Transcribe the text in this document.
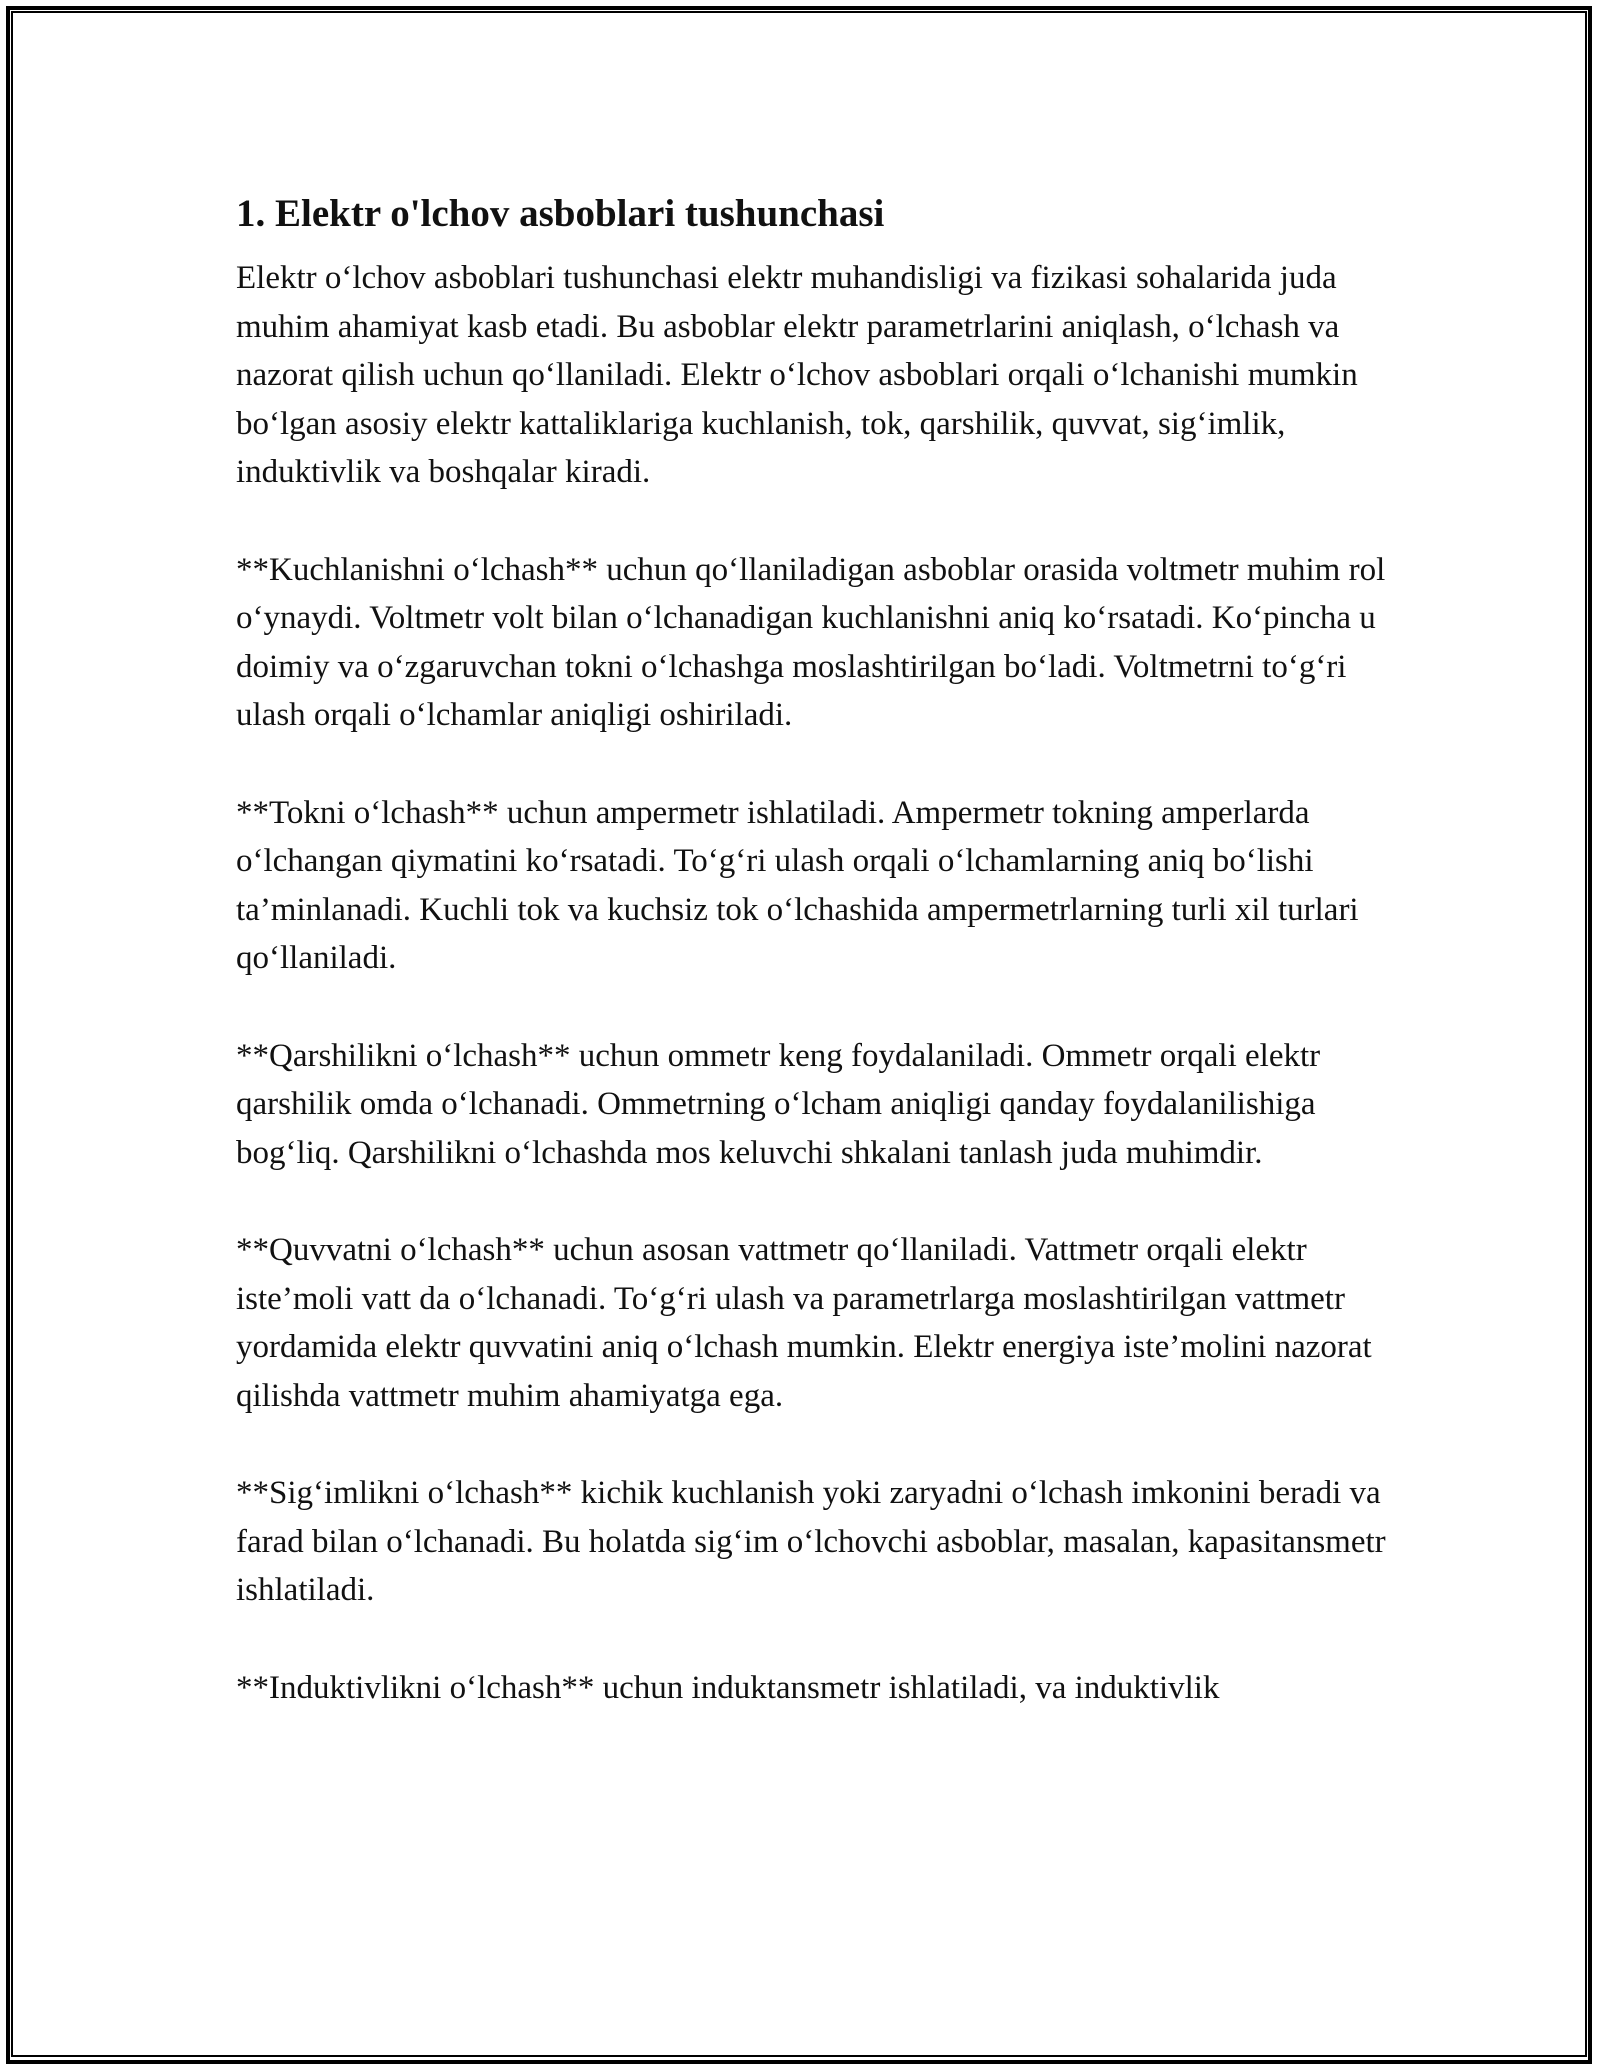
1. Elektr o'lchov asboblari tushunchasi

Elektr o‘lchov asboblari tushunchasi elektr muhandisligi va fizikasi sohalarida juda muhim ahamiyat kasb etadi. Bu asboblar elektr parametrlarini aniqlash, o‘lchash va nazorat qilish uchun qo‘llaniladi. Elektr o‘lchov asboblari orqali o‘lchanishi mumkin bo‘lgan asosiy elektr kattaliklariga kuchlanish, tok, qarshilik, quvvat, sig‘imlik, induktivlik va boshqalar kiradi.

**Kuchlanishni o‘lchash** uchun qo‘llaniladigan asboblar orasida voltmetr muhim rol o‘ynaydi. Voltmetr volt bilan o‘lchanadigan kuchlanishni aniq ko‘rsatadi. Ko‘pincha u doimiy va o‘zgaruvchan tokni o‘lchashga moslashtirilgan bo‘ladi. Voltmetrni to‘g‘ri ulash orqali o‘lchamlar aniqligi oshiriladi.

**Tokni o‘lchash** uchun ampermetr ishlatiladi. Ampermetr tokning amperlarda o‘lchangan qiymatini ko‘rsatadi. To‘g‘ri ulash orqali o‘lchamlarning aniq bo‘lishi ta’minlanadi. Kuchli tok va kuchsiz tok o‘lchashida ampermetrlarning turli xil turlari qo‘llaniladi.

**Qarshilikni o‘lchash** uchun ommetr keng foydalaniladi. Ommetr orqali elektr qarshilik omda o‘lchanadi. Ommetrning o‘lcham aniqligi qanday foydalanilishiga bog‘liq. Qarshilikni o‘lchashda mos keluvchi shkalani tanlash juda muhimdir.

**Quvvatni o‘lchash** uchun asosan vattmetr qo‘llaniladi. Vattmetr orqali elektr iste’moli vatt da o‘lchanadi. To‘g‘ri ulash va parametrlarga moslashtirilgan vattmetr yordamida elektr quvvatini aniq o‘lchash mumkin. Elektr energiya iste’molini nazorat qilishda vattmetr muhim ahamiyatga ega.

**Sig‘imlikni o‘lchash** kichik kuchlanish yoki zaryadni o‘lchash imkonini beradi va farad bilan o‘lchanadi. Bu holatda sig‘im o‘lchovchi asboblar, masalan, kapasitansmetr ishlatiladi.

**Induktivlikni o‘lchash** uchun induktansmetr ishlatiladi, va induktivlik
